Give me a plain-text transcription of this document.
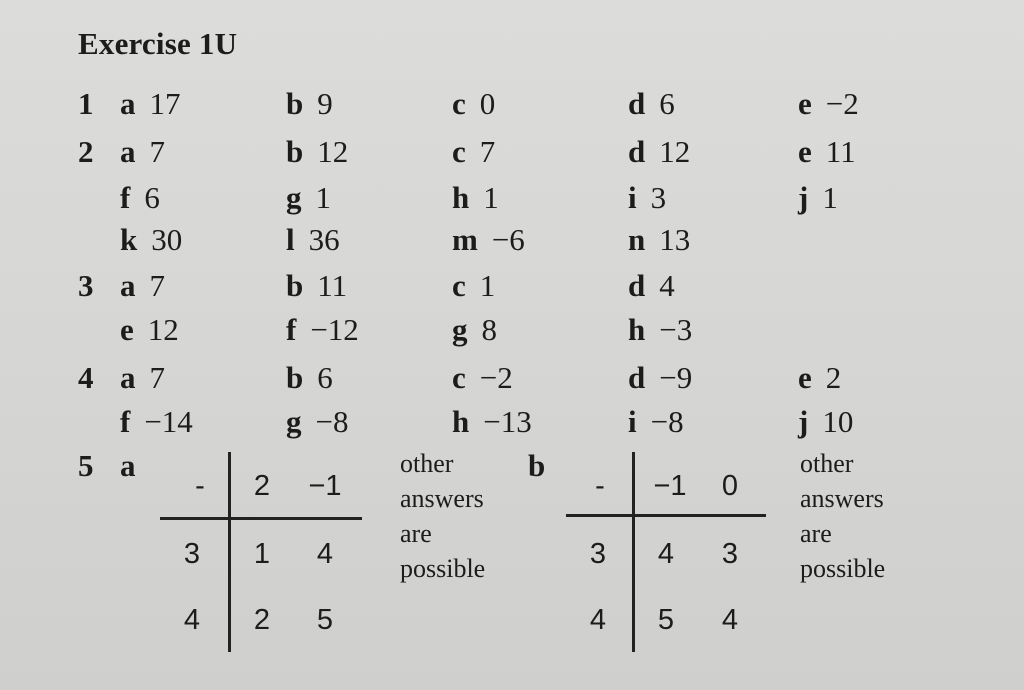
Exercise 1U
1 a 17	b 9	c 0	d 6	e −2
2 a 7	b 12	c 7	d 12	e 11
f 6	g 1	h 1	i 3	j 1
k 30	l 36	m −6	n 13
3 a 7	b 11	c 1	d 4
e 12	f −12	g 8	h −3
4 a 7	b 6	c −2	d −9	e 2
f −14	g −8	h −13	i −8	j 10
5 a
-	2	−1
3	1	4
4	2	5
other
answers
are
possible
b
-	−1	0
3	4	3
4	5	4
other
answers
are
possible
